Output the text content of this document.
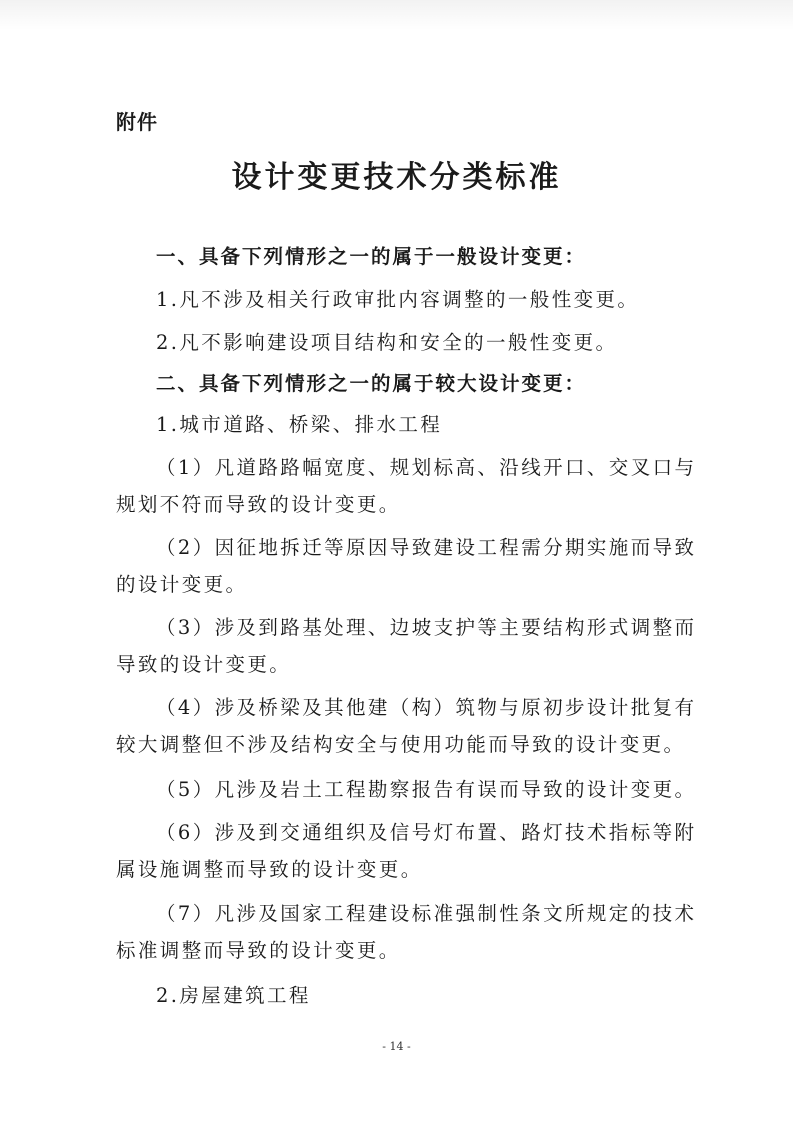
附件
设计变更技术分类标准

一、具备下列情形之一的属于一般设计变更：

1.凡不涉及相关行政审批内容调整的一般性变更。

2.凡不影响建设项目结构和安全的一般性变更。

二、具备下列情形之一的属于较大设计变更：

1.城市道路、桥梁、排水工程

（1）凡道路路幅宽度、规划标高、沿线开口、交叉口与规划不符而导致的设计变更。

（2）因征地拆迁等原因导致建设工程需分期实施而导致的设计变更。

（3）涉及到路基处理、边坡支护等主要结构形式调整而导致的设计变更。

（4）涉及桥梁及其他建（构）筑物与原初步设计批复有较大调整但不涉及结构安全与使用功能而导致的设计变更。

（5）凡涉及岩土工程勘察报告有误而导致的设计变更。

（6）涉及到交通组织及信号灯布置、路灯技术指标等附属设施调整而导致的设计变更。

（7）凡涉及国家工程建设标准强制性条文所规定的技术标准调整而导致的设计变更。

2.房屋建筑工程

- 14 -
